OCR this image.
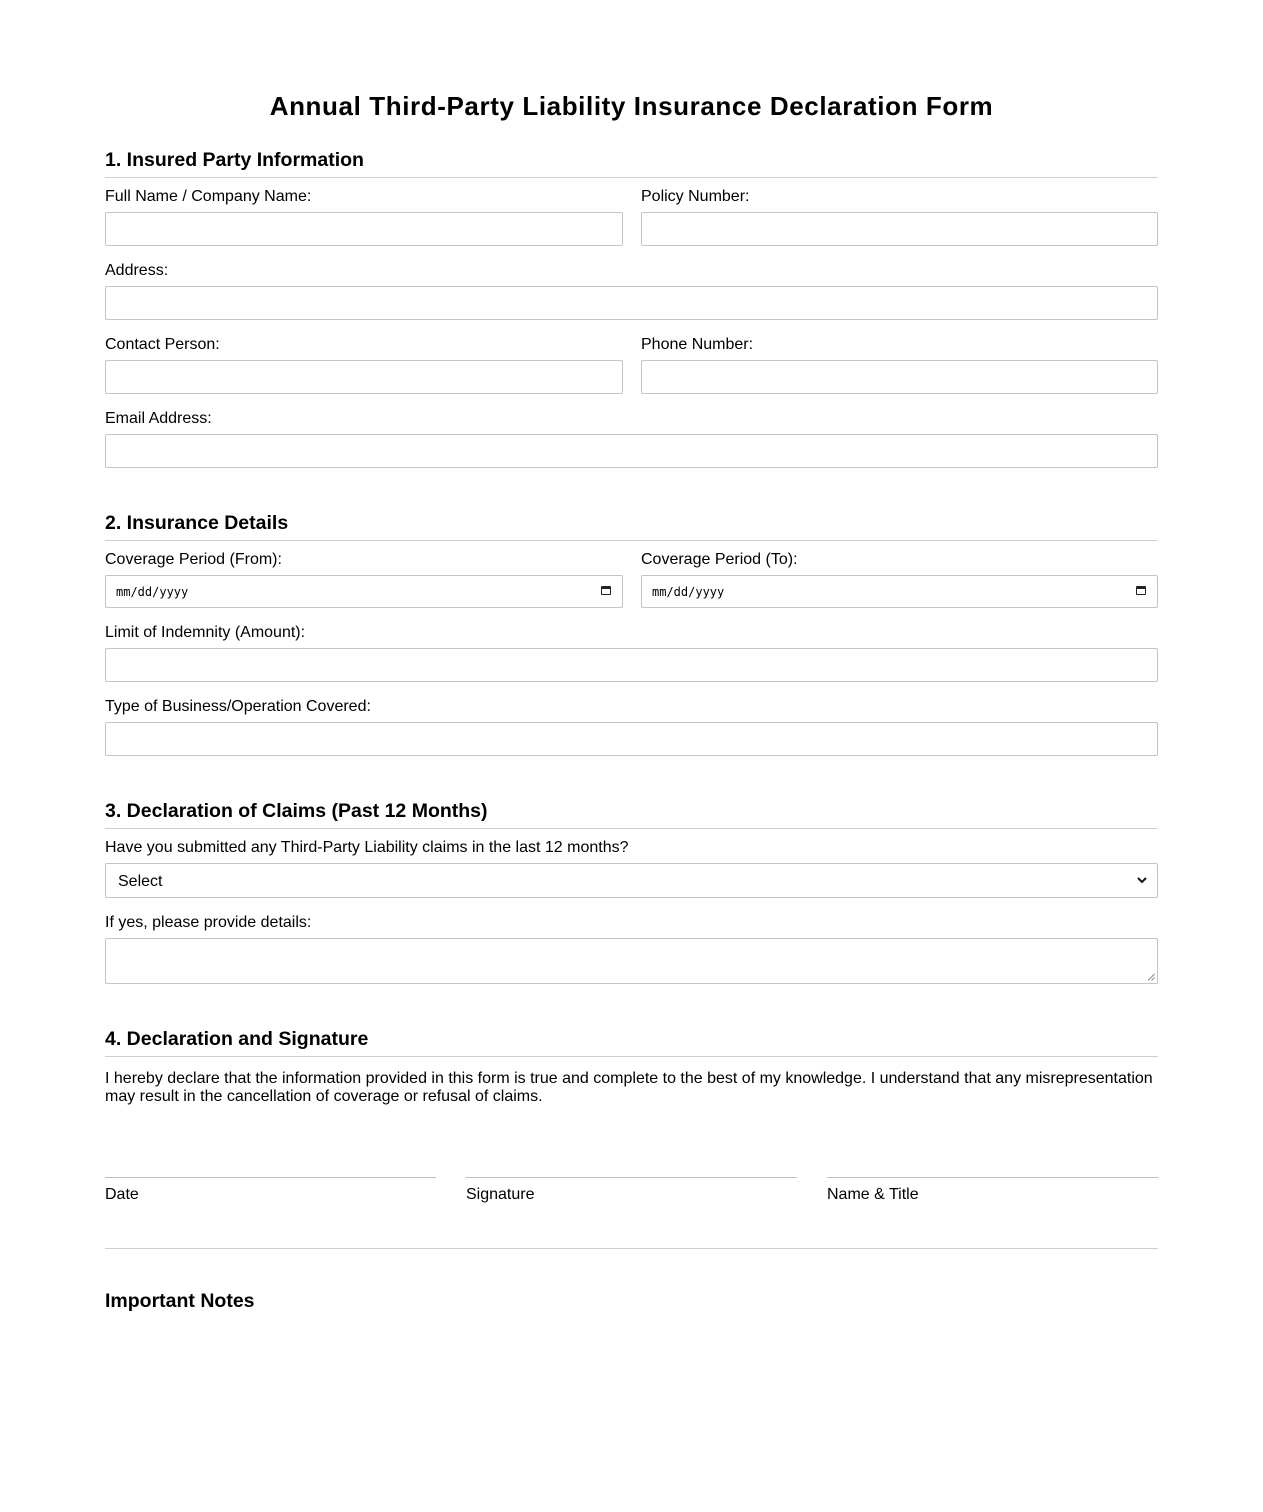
Annual Third-Party Liability Insurance Declaration Form
1. Insured Party Information
Full Name / Company Name:	Policy Number:
Address:
Contact Person:	Phone Number:
Email Address:
2. Insurance Details
Coverage Period (From):	Coverage Period (To):
mm/dd/yyyy	mm/dd/yyyy
Limit of Indemnity (Amount):
Type of Business/Operation Covered:
3. Declaration of Claims (Past 12 Months)
Have you submitted any Third-Party Liability claims in the last 12 months?
Select
If yes, please provide details:
4. Declaration and Signature

I hereby declare that the information provided in this form is true and complete to the best of my knowledge. I understand that any misrepresentation may result in the cancellation of coverage or refusal of claims.

Date	Signature	Name & Title
Important Notes
